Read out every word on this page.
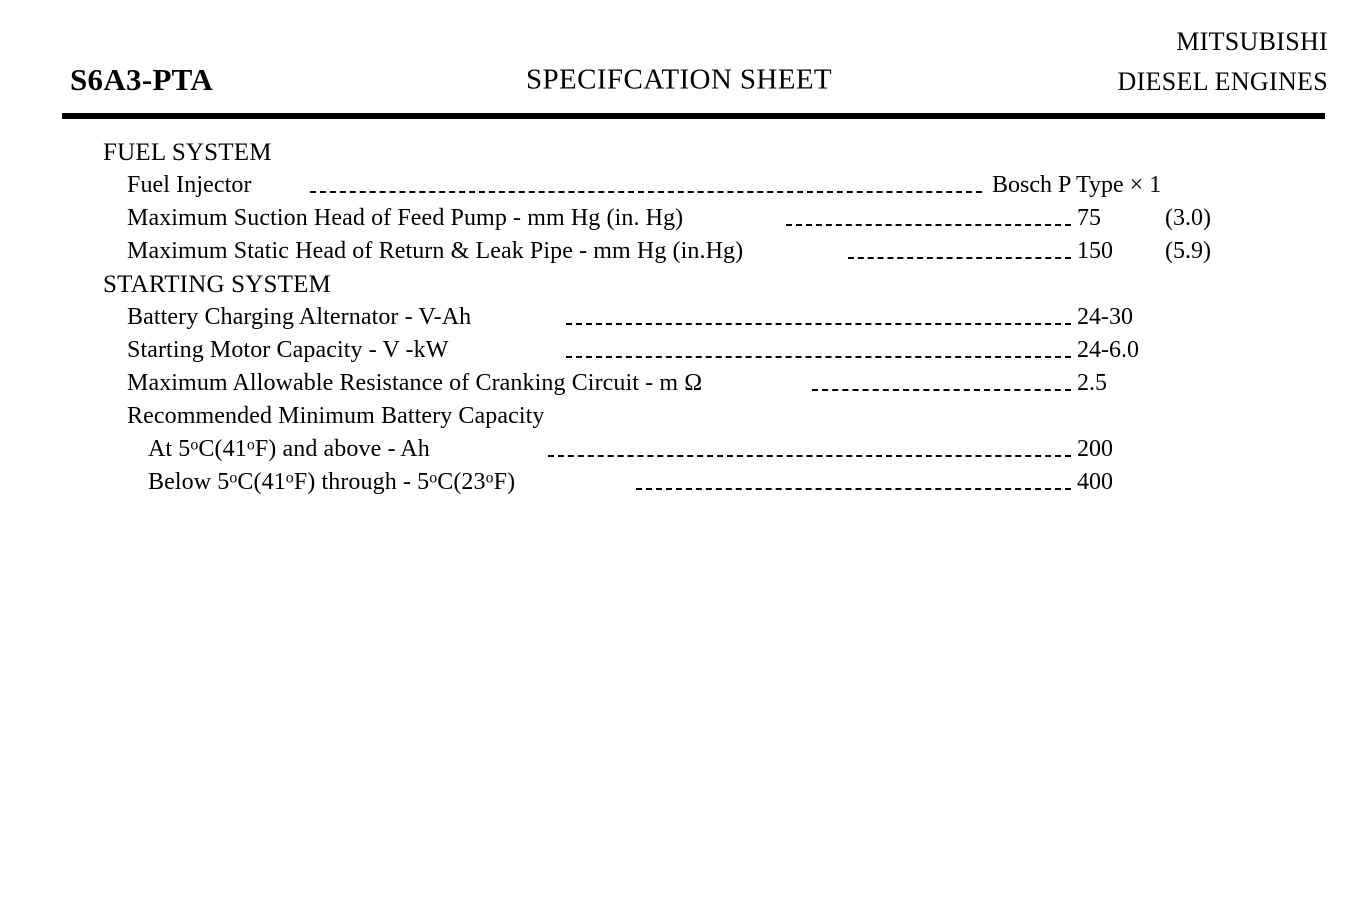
S6A3-PTA	SPECIFCATION SHEET
MITSUBISHI
DIESEL ENGINES
FUEL SYSTEM
Fuel Injector	Bosch P Type × 1
Maximum Suction Head of Feed Pump - mm Hg (in. Hg)	75	(3.0)
Maximum Static Head of Return & Leak Pipe - mm Hg (in.Hg)	150 (5.9)
STARTING SYSTEM
Battery Charging Alternator - V-Ah	24-30
Starting Motor Capacity - V -kW	24-6.0
Maximum Allowable Resistance of Cranking Circuit - m Ω	2.5
Recommended Minimum Battery Capacity
At 5$^o$C(41$^o$F) and above - Ah	200
Below 5$^o$C(41$^o$F) through - 5$^o$C(23$^o$F)	400
